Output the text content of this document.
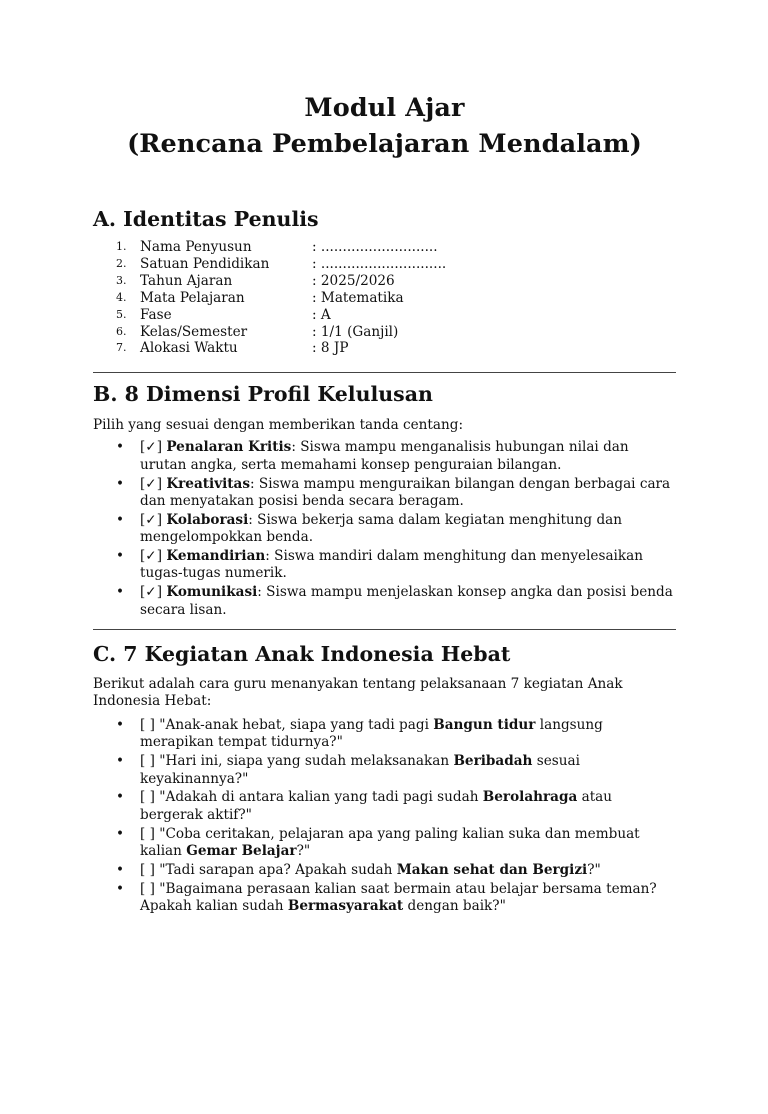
Modul Ajar
(Rencana Pembelajaran Mendalam)
A. Identitas Penulis
1. Nama Penyusun	: ...........................
2. Satuan Pendidikan	: .............................
3. Tahun Ajaran	: 2025/2026
4. Mata Pelajaran	: Matematika
5. Fase	: A
6. Kelas/Semester	: 1/1 (Ganjil)
7. Alokasi Waktu	: 8 JP
B. 8 Dimensi Profil Kelulusan

Pilih yang sesuai dengan memberikan tanda centang:

• [✓] Penalaran Kritis: Siswa mampu menganalisis hubungan nilai dan urutan angka, serta memahami konsep penguraian bilangan.
• [✓] Kreativitas: Siswa mampu menguraikan bilangan dengan berbagai cara dan menyatakan posisi benda secara beragam.
• [✓] Kolaborasi: Siswa bekerja sama dalam kegiatan menghitung dan mengelompokkan benda.
• [✓] Kemandirian: Siswa mandiri dalam menghitung dan menyelesaikan tugas-tugas numerik.
• [✓] Komunikasi: Siswa mampu menjelaskan konsep angka dan posisi benda secara lisan.
C. 7 Kegiatan Anak Indonesia Hebat

Berikut adalah cara guru menanyakan tentang pelaksanaan 7 kegiatan Anak Indonesia Hebat:

• [ ] "Anak-anak hebat, siapa yang tadi pagi Bangun tidur langsung merapikan tempat tidurnya?"
• [ ] "Hari ini, siapa yang sudah melaksanakan Beribadah sesuai keyakinannya?"
• [ ] "Adakah di antara kalian yang tadi pagi sudah Berolahraga atau bergerak aktif?"
• [ ] "Coba ceritakan, pelajaran apa yang paling kalian suka dan membuat kalian Gemar Belajar?"
• [ ] "Tadi sarapan apa? Apakah sudah Makan sehat dan Bergizi?"
• [ ] "Bagaimana perasaan kalian saat bermain atau belajar bersama teman? Apakah kalian sudah Bermasyarakat dengan baik?"
